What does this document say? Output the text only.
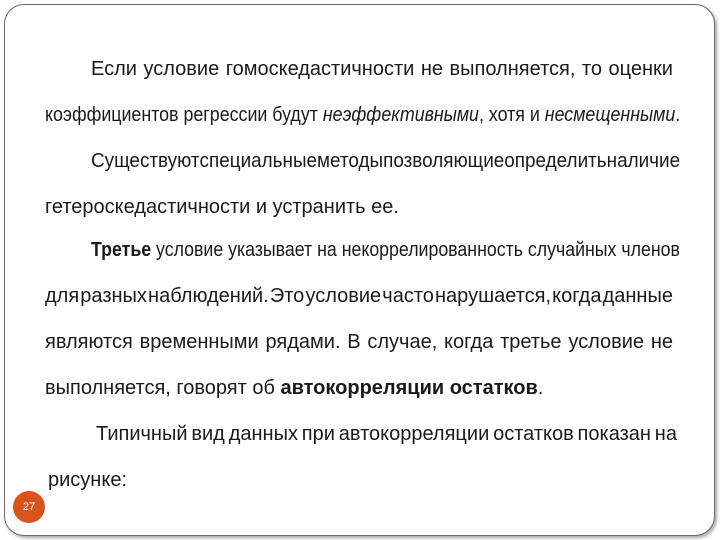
Если условие гомоскедастичности не выполняется, то оценки
коэффициентов регрессии будут неэффективными, хотя и несмещенными.
Существуют специальные методы позволяющие определить наличие
гетероскедастичности и устранить ее.
Третье условие указывает на некоррелированность случайных членов
для разных наблюдений. Это условие часто нарушается, когда данные
являются временными рядами. В случае, когда третье условие не
выполняется, говорят об автокорреляции остатков.
Типичный вид данных при автокорреляции остатков показан на
рисунке:
27
